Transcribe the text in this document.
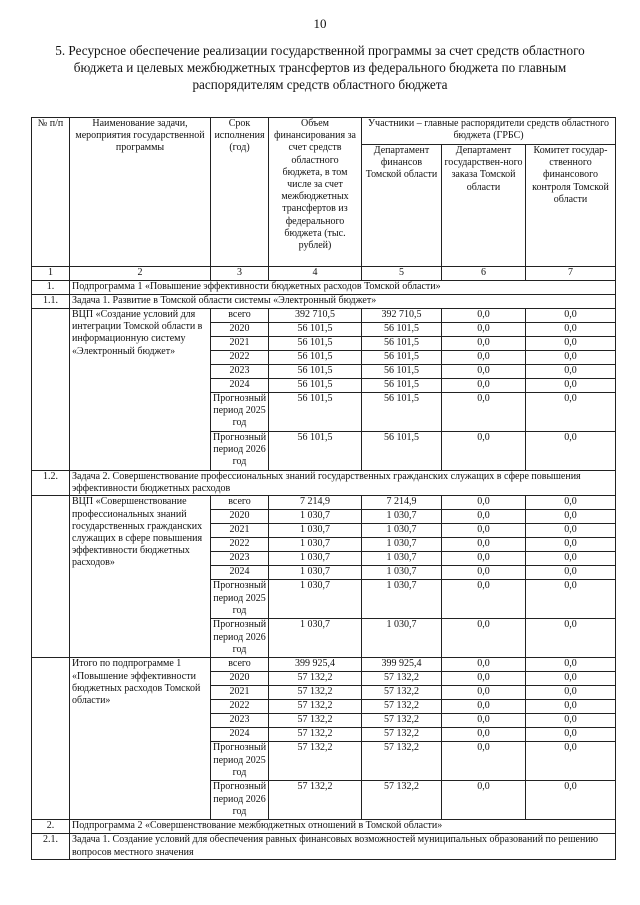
10
5. Ресурсное обеспечение реализации государственной программы за счет средств областного бюджета и целевых межбюджетных трансфертов из федерального бюджета по главным распорядителям средств областного бюджета
№ п/п	Наименование задачи, мероприятия государственной программы	Срок исполнения (год)	Объем финансирования за счет средств областного бюджета, в том числе за счет межбюджетных трансфертов из федерального бюджета (тыс. рублей)	Участники – главные распорядители средств областного бюджета (ГРБС)		
				Департамент финансов Томской области	Департамент государствен-ного заказа Томской области	Комитет государ-ственного финансового контроля Томской области
1	2	3	4	5	6	7
1.	Подпрограмма 1 «Повышение эффективности бюджетных расходов Томской области»					
1.1.	Задача 1. Развитие в Томской области системы «Электронный бюджет»					
	ВЦП «Создание условий для интеграции Томской области в информационную систему «Электронный бюджет»	всего	392 710,5	392 710,5	0,0	0,0
		2020	56 101,5	56 101,5	0,0	0,0
		2021	56 101,5	56 101,5	0,0	0,0
		2022	56 101,5	56 101,5	0,0	0,0
		2023	56 101,5	56 101,5	0,0	0,0
		2024	56 101,5	56 101,5	0,0	0,0
		Прогнозный период 2025 год	56 101,5	56 101,5	0,0	0,0
		Прогнозный период 2026 год	56 101,5	56 101,5	0,0	0,0
1.2.	Задача 2. Совершенствование профессиональных знаний государственных гражданских служащих в сфере повышения эффективности бюджетных расходов					
	ВЦП «Совершенствование профессиональных знаний государственных гражданских служащих в сфере повышения эффективности бюджетных расходов»	всего	7 214,9	7 214,9	0,0	0,0
		2020	1 030,7	1 030,7	0,0	0,0
		2021	1 030,7	1 030,7	0,0	0,0
		2022	1 030,7	1 030,7	0,0	0,0
		2023	1 030,7	1 030,7	0,0	0,0
		2024	1 030,7	1 030,7	0,0	0,0
		Прогнозный период 2025 год	1 030,7	1 030,7	0,0	0,0
		Прогнозный период 2026 год	1 030,7	1 030,7	0,0	0,0
	Итого по подпрограмме 1 «Повышение эффективности бюджетных расходов Томской области»	всего	399 925,4	399 925,4	0,0	0,0
		2020	57 132,2	57 132,2	0,0	0,0
		2021	57 132,2	57 132,2	0,0	0,0
		2022	57 132,2	57 132,2	0,0	0,0
		2023	57 132,2	57 132,2	0,0	0,0
		2024	57 132,2	57 132,2	0,0	0,0
		Прогнозный период 2025 год	57 132,2	57 132,2	0,0	0,0
		Прогнозный период 2026 год	57 132,2	57 132,2	0,0	0,0
2.	Подпрограмма 2 «Совершенствование межбюджетных отношений в Томской области»					
2.1.	Задача 1. Создание условий для обеспечения равных финансовых возможностей муниципальных образований по решению вопросов местного значения					
